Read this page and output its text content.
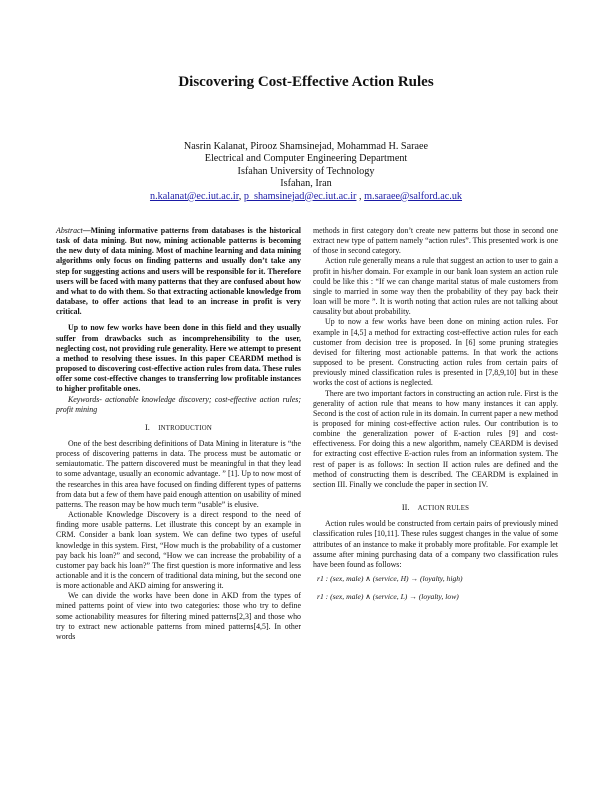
Discovering Cost-Effective Action Rules
Nasrin Kalanat, Pirooz Shamsinejad, Mohammad H. Saraee
Electrical and Computer Engineering Department
Isfahan University of Technology
Isfahan, Iran
n.kalanat@ec.iut.ac.ir, p_shamsinejad@ec.iut.ac.ir , m.saraee@salford.ac.uk

Abstract—Mining informative patterns from databases is the historical task of data mining. But now, mining actionable patterns is becoming the new duty of data mining. Most of machine learning and data mining algorithms only focus on finding patterns and usually don’t take any step for suggesting actions and users will be responsible for it. Therefore users will be faced with many patterns that they are confused about how and what to do with them. So that extracting actionable knowledge from database, to offer actions that lead to an increase in profit is very critical.

Up to now few works have been done in this field and they usually suffer from drawbacks such as incomprehensibility to the user, neglecting cost, not providing rule generality. Here we attempt to present a method to resolving these issues. In this paper CEARDM method is proposed to discovering cost-effective action rules from data. These rules offer some cost-effective changes to transferring low profitable instances to higher profitable ones.

Keywords- actionable knowledge discovery; cost-effective action rules; profit mining

I. INTRODUCTION

One of the best describing definitions of Data Mining in literature is “the process of discovering patterns in data. The process must be automatic or semiautomatic. The pattern discovered must be meaningful in that they lead to some advantage, usually an economic advantage. ” [1]. Up to now most of the researches in this area have focused on finding different types of patterns from data but a few of them have paid enough attention on usability of mined patterns. The reason may be how much term “usable” is elusive.

Actionable Knowledge Discovery is a direct respond to the need of finding more usable patterns. Let illustrate this concept by an example in CRM. Consider a bank loan system. We can define two types of useful knowledge in this system. First, “How much is the probability of a customer pay back his loan?” and second, “How we can increase the probability of a customer pay back his loan?” The first question is more informative and less actionable and it is the concern of traditional data mining, but the second one is more actionable and AKD aiming for answering it.

We can divide the works have been done in AKD from the types of mined patterns point of view into two categories: those who try to define some actionability measures for filtering mined patterns[2,3] and those who try to extract new actionable patterns from mined patterns[4,5]. In other words

methods in first category don’t create new patterns but those in second one extract new type of pattern namely “action rules”. This presented work is one of those in second category.

Action rule generally means a rule that suggest an action to user to gain a profit in his/her domain. For example in our bank loan system an action rule could be like this : “If we can change marital status of male customers from single to married in some way then the probability of they pay back their loan will be more ”. It is worth noting that action rules are not talking about causality but about probability.

Up to now a few works have been done on mining action rules. For example in [4,5] a method for extracting cost-effective action rules for each customer from decision tree is proposed. In [6] some pruning strategies devised for filtering most actionable patterns. In that work the actions supposed to be present. Constructing action rules from certain pairs of previously mined classification rules is presented in [7,8,9,10] but in these works the cost of actions is neglected.

There are two important factors in constructing an action rule. First is the generality of action rule that means to how many instances it can apply. Second is the cost of action rule in its domain. In current paper a new method is proposed for mining cost-effective action rules. Our contribution is to combine the generalization power of E-action rules [9] and cost-effectiveness. For doing this a new algorithm, namely CEARDM is devised for extracting cost effective E-action rules from an information system. The rest of paper is as follows: In section II action rules are defined and the method of constructing them is described. The CEARDM is explained in section III. Finally we conclude the paper in section IV.

II. ACTION RULES

Action rules would be constructed from certain pairs of previously mined classification rules [10,11]. These rules suggest changes in the value of some attributes of an instance to make it probably more profitable. For example let assume after mining purchasing data of a company two classification rules have been found as follows:

r1 : (sex, male) ∧ (service, H) → (loyalty, high)
r1 : (sex, male) ∧ (service, L) → (loyalty, low)
